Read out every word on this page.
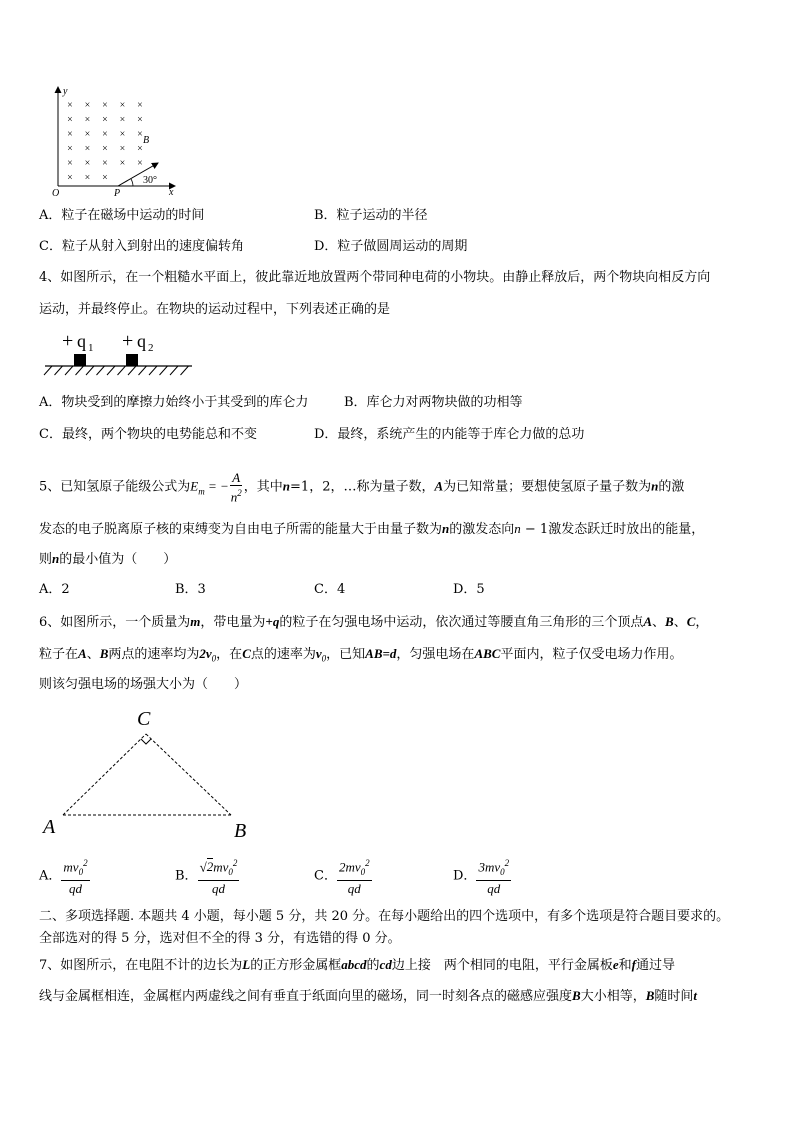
y
x
O	P
B
30°
× × × × ×
× × × × ×
× × × × ×
× × × × ×
× × × × ×
× × ×
A．粒子在磁场中运动的时间	B．粒子运动的半径
C．粒子从射入到射出的速度偏转角	D．粒子做圆周运动的周期
4、如图所示，在一个粗糙水平面上，彼此靠近地放置两个带同种电荷的小物块。由静止释放后，两个物块向相反方向
运动，并最终停止。在物块的运动过程中，下列表述正确的是
+ q 1 + q 2
A．物块受到的摩擦力始终小于其受到的库仑力	B．库仑力对两物块做的功相等
C．最终，两个物块的电势能总和不变	D．最终，系统产生的内能等于库仑力做的总功
5、已知氢原子能级公式为$E_m$ = − $\frac{A}{n^2}$ ，其中n=1，2，…称为量子数，A为已知常量；要想使氢原子量子数为n的激
发态的电子脱离原子核的束缚变为自由电子所需的能量大于由量子数为n的激发态向n − 1激发态跃迁时放出的能量，
则n的最小值为（　　）
A．2	B．3	C．4	D．5
6、如图所示，一个质量为m，带电量为+q的粒子在匀强电场中运动，依次通过等腰直角三角形的三个顶点A、B、C，
粒子在A、B两点的速率均为$2v_0$，在C点的速率为$v_0$，已知AB=d，匀强电场在ABC平面内，粒子仅受电场力作用。
则该匀强电场的场强大小为（　　）
C
A	B
A． $\frac{mv_0^2}{qd}$	B． $\frac{√2mv_0^2}{qd}$	C． $\frac{2mv_0^2}{qd}$	D． $\frac{3mv_0^2}{qd}$
二、多项选择题. 本题共 4 小题，每小题 5 分，共 20 分。在每小题给出的四个选项中，有多个选项是符合题目要求的。
全部选对的得 5 分，选对但不全的得 3 分，有选错的得 0 分。
7、如图所示，在电阻不计的边长为L的正方形金属框abcd的cd边上接　两个相同的电阻，平行金属板e和f通过导
线与金属框相连，金属框内两虚线之间有垂直于纸面向里的磁场，同一时刻各点的磁感应强度B大小相等，B随时间t
